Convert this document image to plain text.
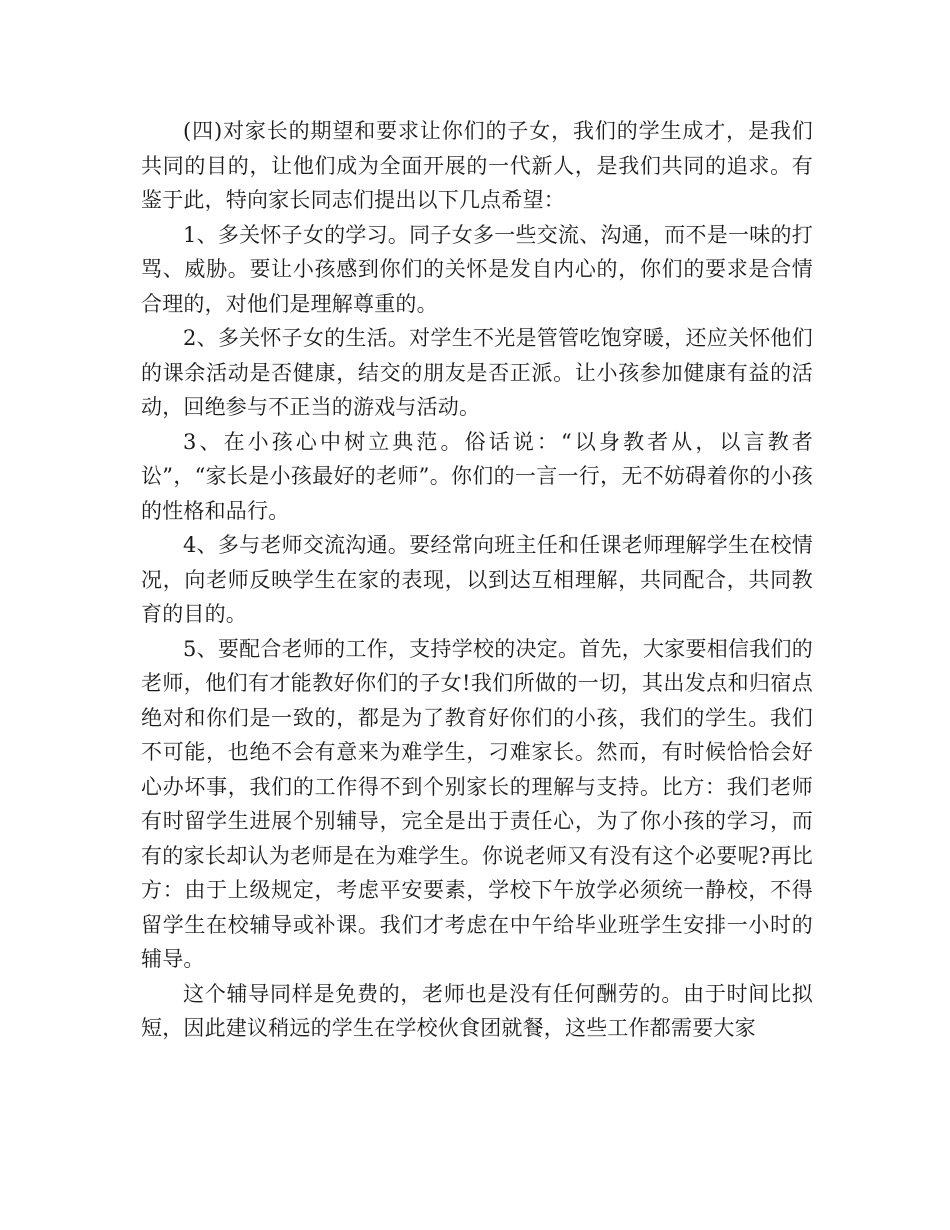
(四)对家长的期望和要求让你们的子女，我们的学生成才，是我们共同的目的，让他们成为全面开展的一代新人，是我们共同的追求。有鉴于此，特向家长同志们提出以下几点希望：

1、多关怀子女的学习。同子女多一些交流、沟通，而不是一味的打骂、威胁。要让小孩感到你们的关怀是发自内心的，你们的要求是合情合理的，对他们是理解尊重的。

2、多关怀子女的生活。对学生不光是管管吃饱穿暖，还应关怀他们的课余活动是否健康，结交的朋友是否正派。让小孩参加健康有益的活动，回绝参与不正当的游戏与活动。

3、在小孩心中树立典范。俗话说：“以身教者从，以言教者讼”，“家长是小孩最好的老师”。你们的一言一行，无不妨碍着你的小孩的性格和品行。

4、多与老师交流沟通。要经常向班主任和任课老师理解学生在校情况，向老师反映学生在家的表现，以到达互相理解，共同配合，共同教育的目的。

5、要配合老师的工作，支持学校的决定。首先，大家要相信我们的老师，他们有才能教好你们的子女!我们所做的一切，其出发点和归宿点绝对和你们是一致的，都是为了教育好你们的小孩，我们的学生。我们不可能，也绝不会有意来为难学生，刁难家长。然而，有时候恰恰会好心办坏事，我们的工作得不到个别家长的理解与支持。比方：我们老师有时留学生进展个别辅导，完全是出于责任心，为了你小孩的学习，而有的家长却认为老师是在为难学生。你说老师又有没有这个必要呢?再比方：由于上级规定，考虑平安要素，学校下午放学必须统一静校，不得留学生在校辅导或补课。我们才考虑在中午给毕业班学生安排一小时的辅导。

这个辅导同样是免费的，老师也是没有任何酬劳的。由于时间比拟短，因此建议稍远的学生在学校伙食团就餐，这些工作都需要大家
